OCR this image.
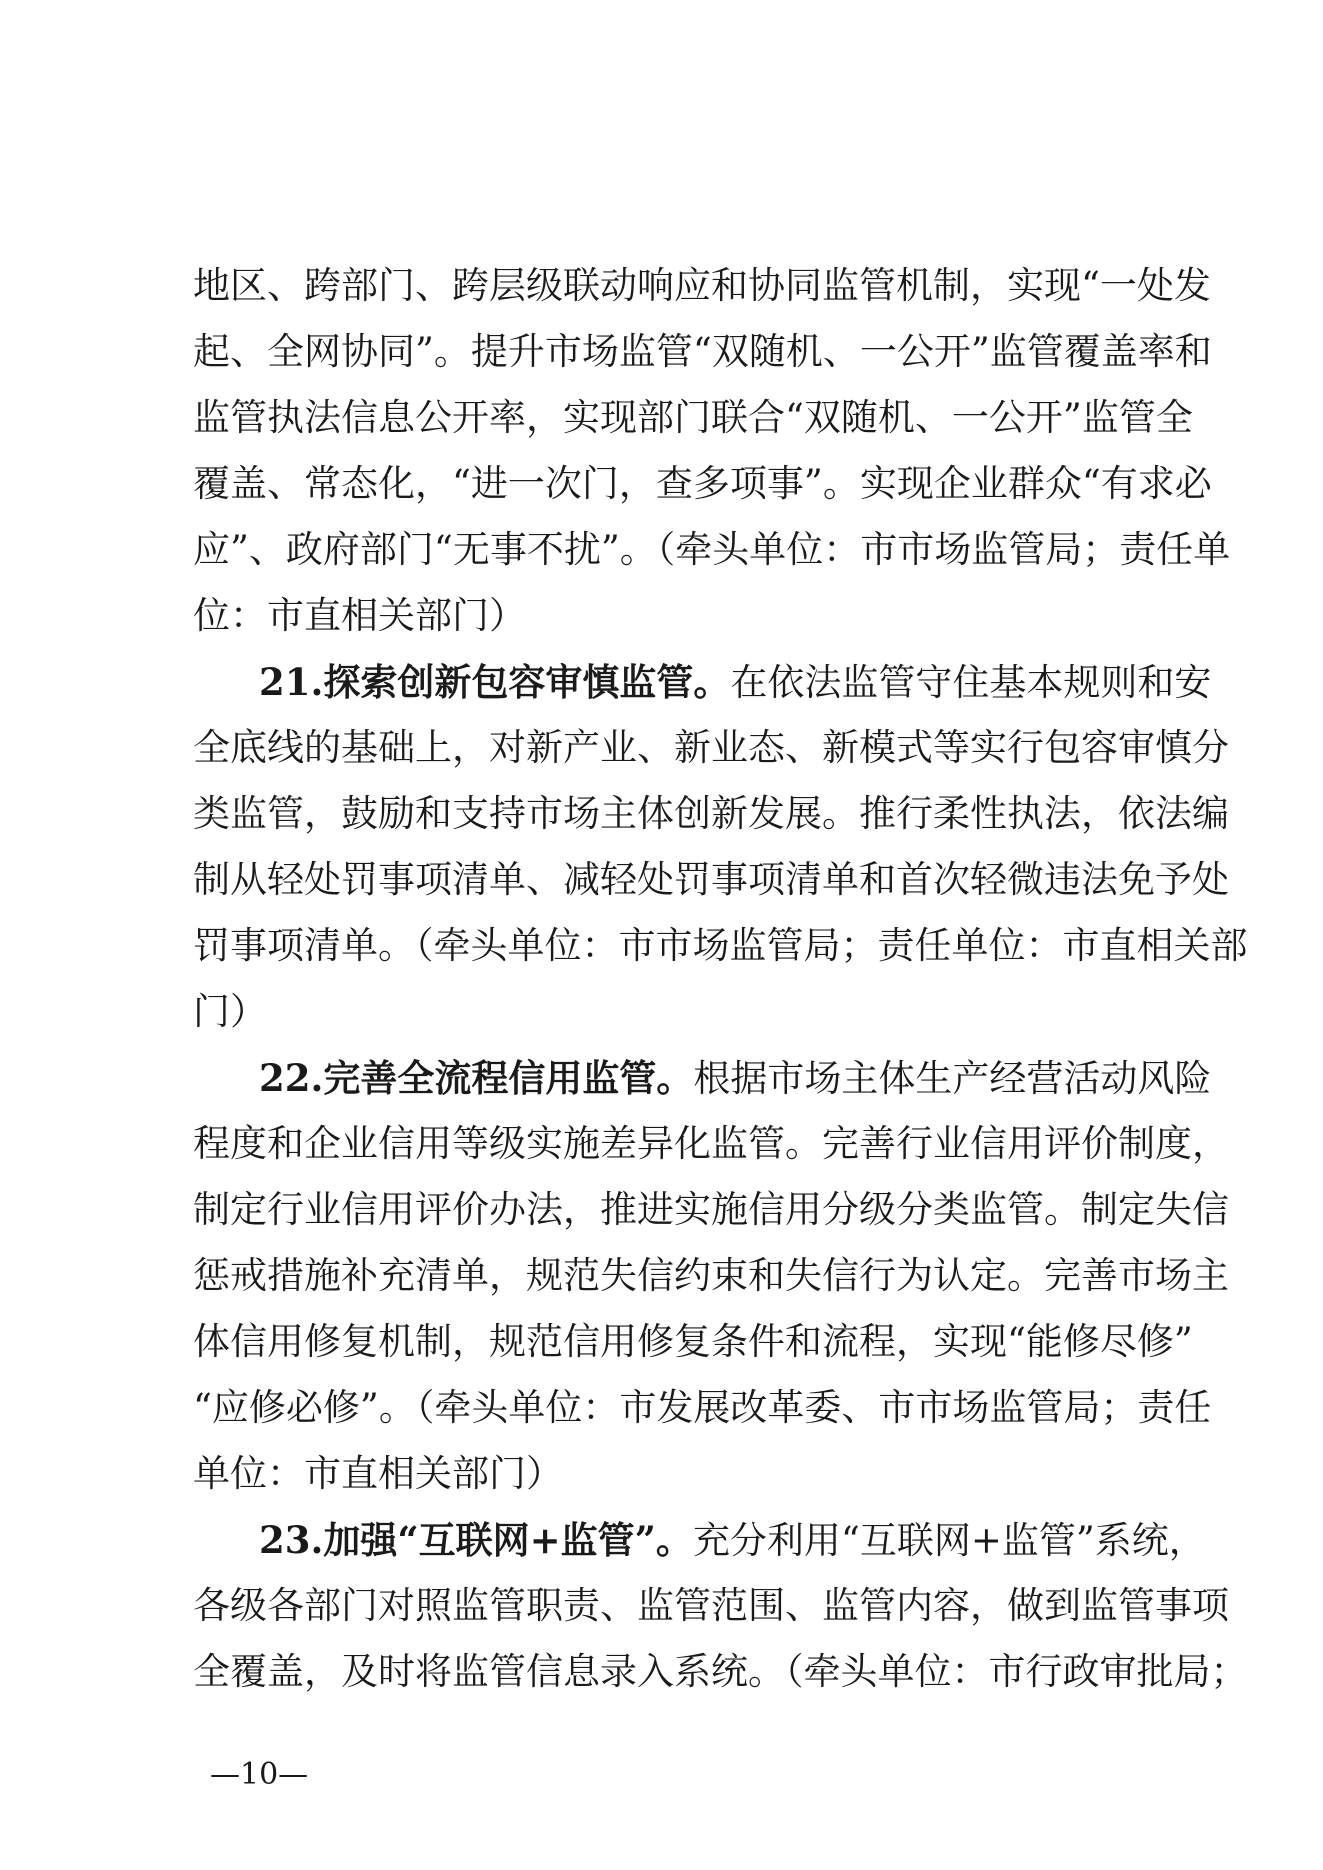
地区、跨部门、跨层级联动响应和协同监管机制，实现“一处发
起、全网协同”。提升市场监管“双随机、一公开”监管覆盖率和
监管执法信息公开率，实现部门联合“双随机、一公开”监管全
覆盖、常态化，“进一次门，查多项事”。实现企业群众“有求必
应”、政府部门“无事不扰”。（牵头单位：市市场监管局；责任单
位：市直相关部门）
21.探索创新包容审慎监管。在依法监管守住基本规则和安
全底线的基础上，对新产业、新业态、新模式等实行包容审慎分
类监管，鼓励和支持市场主体创新发展。推行柔性执法，依法编
制从轻处罚事项清单、减轻处罚事项清单和首次轻微违法免予处
罚事项清单。（牵头单位：市市场监管局；责任单位：市直相关部
门）
22.完善全流程信用监管。根据市场主体生产经营活动风险
程度和企业信用等级实施差异化监管。完善行业信用评价制度，
制定行业信用评价办法，推进实施信用分级分类监管。制定失信
惩戒措施补充清单，规范失信约束和失信行为认定。完善市场主
体信用修复机制，规范信用修复条件和流程，实现“能修尽修”
“应修必修”。（牵头单位：市发展改革委、市市场监管局；责任
单位：市直相关部门）
23.加强“互联网+监管”。充分利用“互联网+监管”系统，
各级各部门对照监管职责、监管范围、监管内容，做到监管事项
全覆盖，及时将监管信息录入系统。（牵头单位：市行政审批局；
—10—
